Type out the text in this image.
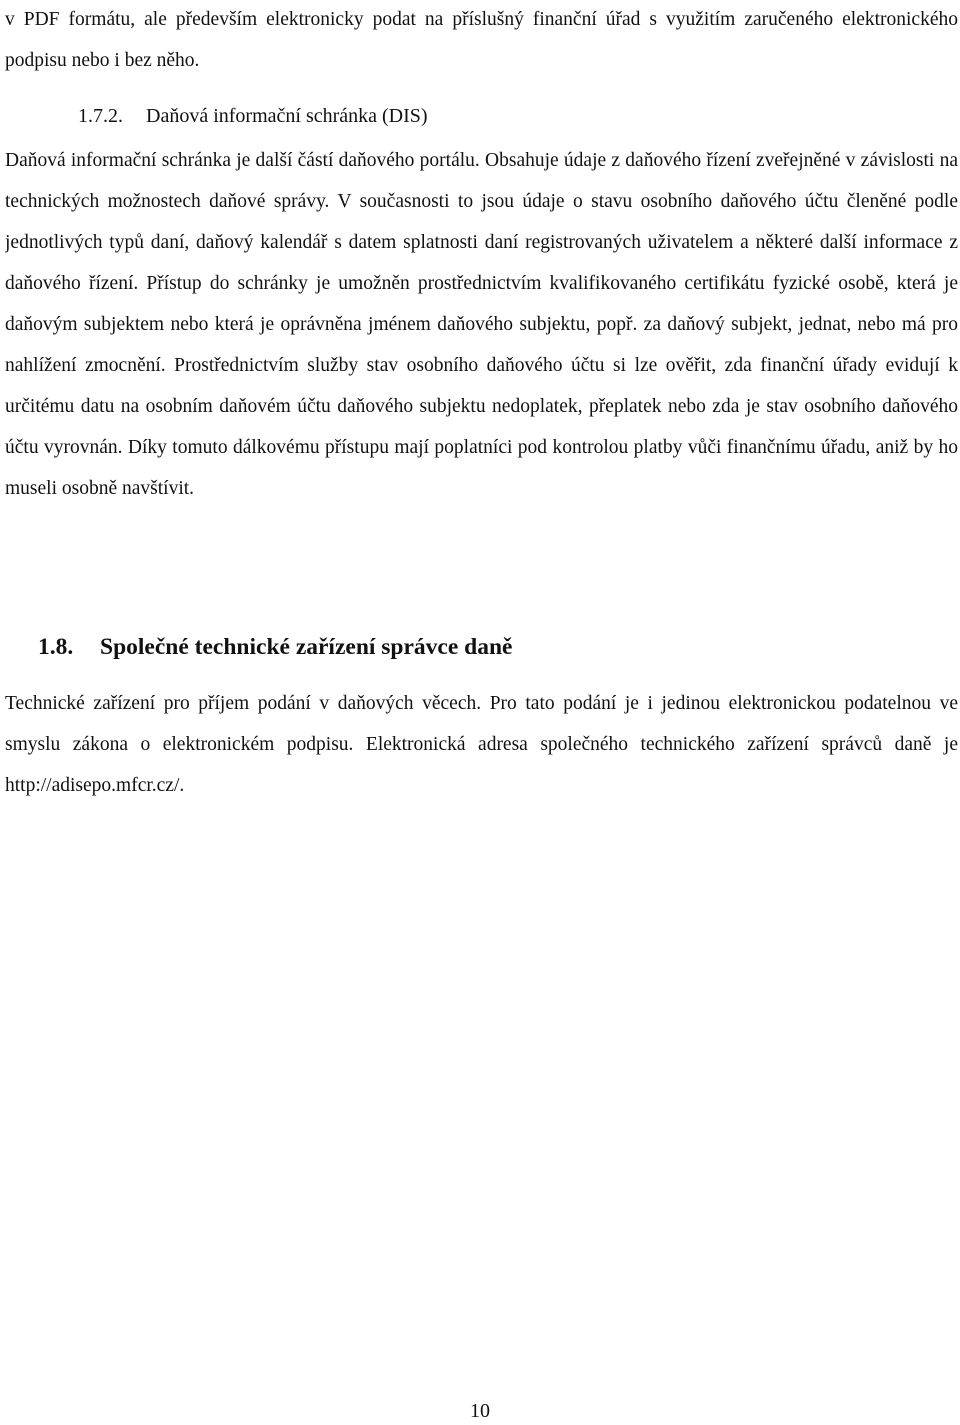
v PDF formátu, ale především elektronicky podat na příslušný finanční úřad s využitím zaručeného elektronického podpisu nebo i bez něho.

1.7.2. Daňová informační schránka (DIS)

Daňová informační schránka je další částí daňového portálu. Obsahuje údaje z daňového řízení zveřejněné v závislosti na technických možnostech daňové správy. V současnosti to jsou údaje o stavu osobního daňového účtu členěné podle jednotlivých typů daní, daňový kalendář s datem splatnosti daní registrovaných uživatelem a některé další informace z daňového řízení. Přístup do schránky je umožněn prostřednictvím kvalifikovaného certifikátu fyzické osobě, která je daňovým subjektem nebo která je oprávněna jménem daňového subjektu, popř. za daňový subjekt, jednat, nebo má pro nahlížení zmocnění. Prostřednictvím služby stav osobního daňového účtu si lze ověřit, zda finanční úřady evidují k určitému datu na osobním daňovém účtu daňového subjektu nedoplatek, přeplatek nebo zda je stav osobního daňového účtu vyrovnán. Díky tomuto dálkovému přístupu mají poplatníci pod kontrolou platby vůči finančnímu úřadu, aniž by ho museli osobně navštívit.

1.8. Společné technické zařízení správce daně

Technické zařízení pro příjem podání v daňových věcech. Pro tato podání je i jedinou elektronickou podatelnou ve smyslu zákona o elektronickém podpisu. Elektronická adresa společného technického zařízení správců daně je http://adisepo.mfcr.cz/.

10
